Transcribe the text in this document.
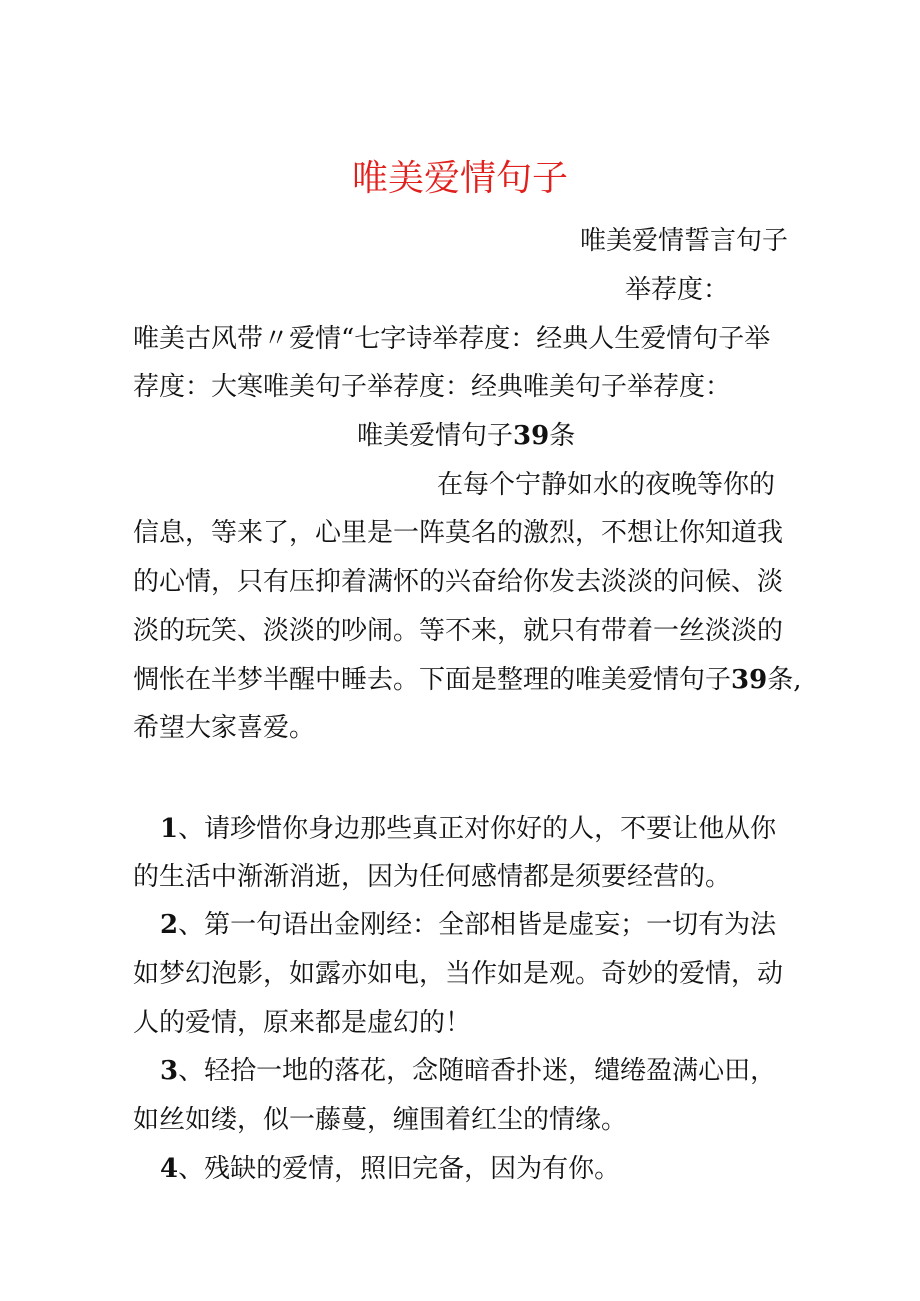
唯美爱情句子
唯美爱情誓言句子
举荐度：
唯美古风带〃爱情“七字诗举荐度：经典人生爱情句子举
荐度：大寒唯美句子举荐度：经典唯美句子举荐度：
唯美爱情句子39条
在每个宁静如水的夜晚等你的
信息，等来了，心里是一阵莫名的激烈，不想让你知道我
的心情，只有压抑着满怀的兴奋给你发去淡淡的问候、淡
淡的玩笑、淡淡的吵闹。等不来，就只有带着一丝淡淡的
惆怅在半梦半醒中睡去。下面是整理的唯美爱情句子39条,
希望大家喜爱。
1、请珍惜你身边那些真正对你好的人，不要让他从你
的生活中渐渐消逝，因为任何感情都是须要经营的。
2、第一句语出金刚经：全部相皆是虚妄；一切有为法
如梦幻泡影，如露亦如电，当作如是观。奇妙的爱情，动
人的爱情，原来都是虚幻的！
3、轻拾一地的落花，念随暗香扑迷，缱绻盈满心田，
如丝如缕，似一藤蔓，缠围着红尘的情缘。
4、残缺的爱情，照旧完备，因为有你。
